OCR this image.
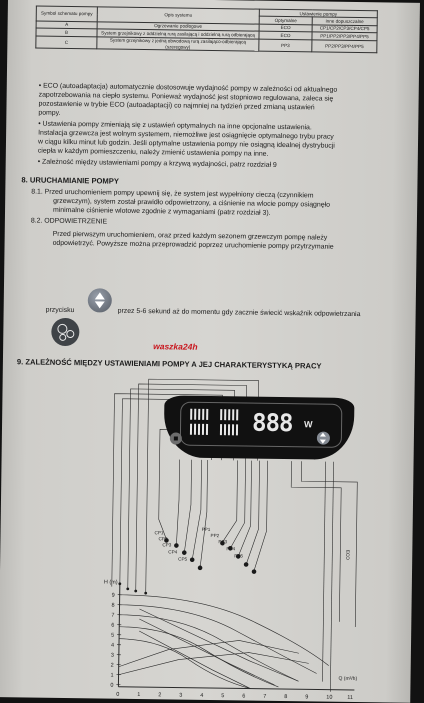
Symbol schematu pompy	Opis systemu	Ustawienie pompy	
		Optymalne	inne dopuszczalne
A	Ogrzewanie podłogowe	ECO	CP1/CP2/CP3/CP4/CP5
B	System grzejnikowy z oddzielną rurą zasilającą i oddzielną rurą odbierającą	ECO	PP1/PP2/PP3/PP4/PP5
C	System grzejnikowy z jedną obwodową rurą zasilająco-odbierającą (szeregowy)	PP3	PP2/PP3/PP4/PP5
• ECO (autoadaptacja) automatycznie dostosowuje wydajność pompy w zależności od aktualnego
zapotrzebowania na ciepło systemu. Ponieważ wydajność jest stopniowo regulowana, zaleca się
pozostawienie w trybie ECO (autoadaptacji) co najmniej na tydzień przed zmianą ustawień
pompy.
• Ustawienia pompy zmieniają się z ustawień optymalnych na inne opcjonalne ustawienia.
Instalacja grzewcza jest wolnym systemem, niemożliwe jest osiągnięcie optymalnego trybu pracy
w ciągu kilku minut lub godzin. Jeśli optymalne ustawienia pompy nie osiągną idealnej dystrybucji
ciepła w każdym pomieszczeniu, należy zmienić ustawienia pompy na inne.
• Zależność między ustawieniami pompy a krzywą wydajności, patrz rozdział 9
8. URUCHAMIANIE POMPY
8.1. Przed uruchomieniem pompy upewnij się, że system jest wypełniony cieczą (czynnikiem
grzewczym), system został prawidło odpowietrzony, a ciśnienie na wlocie pompy osiągnęło
minimalne ciśnienie wlotowe zgodnie z wymaganiami (patrz rozdział 3).
8.2. ODPOWIETRZENIE
Przed pierwszym uruchomieniem, oraz przed każdym sezonem grzewczym pompę należy
odpowietrzyć. Powyższe można przeprowadzić poprzez uruchomienie pompy przytrzymanie
przycisku	przez 5-6 sekund aż do momentu gdy zacznie świecić wskaźnik odpowietrzania
waszka24h
9. ZALEŻNOŚĆ MIĘDZY USTAWIENIAMI POMPY A JEJ CHARAKTERYSTYKĄ PRACY
CP1
CP2
CP3
CP4
CP5
PP1
PP2
PP3
PP4
PP5	ECO
H (m)
Q (m³/h)
9
8
7
6
5
4
3
2
1
0
0	1	2	3	4	5	6	7	8	9	10	11
888 W
